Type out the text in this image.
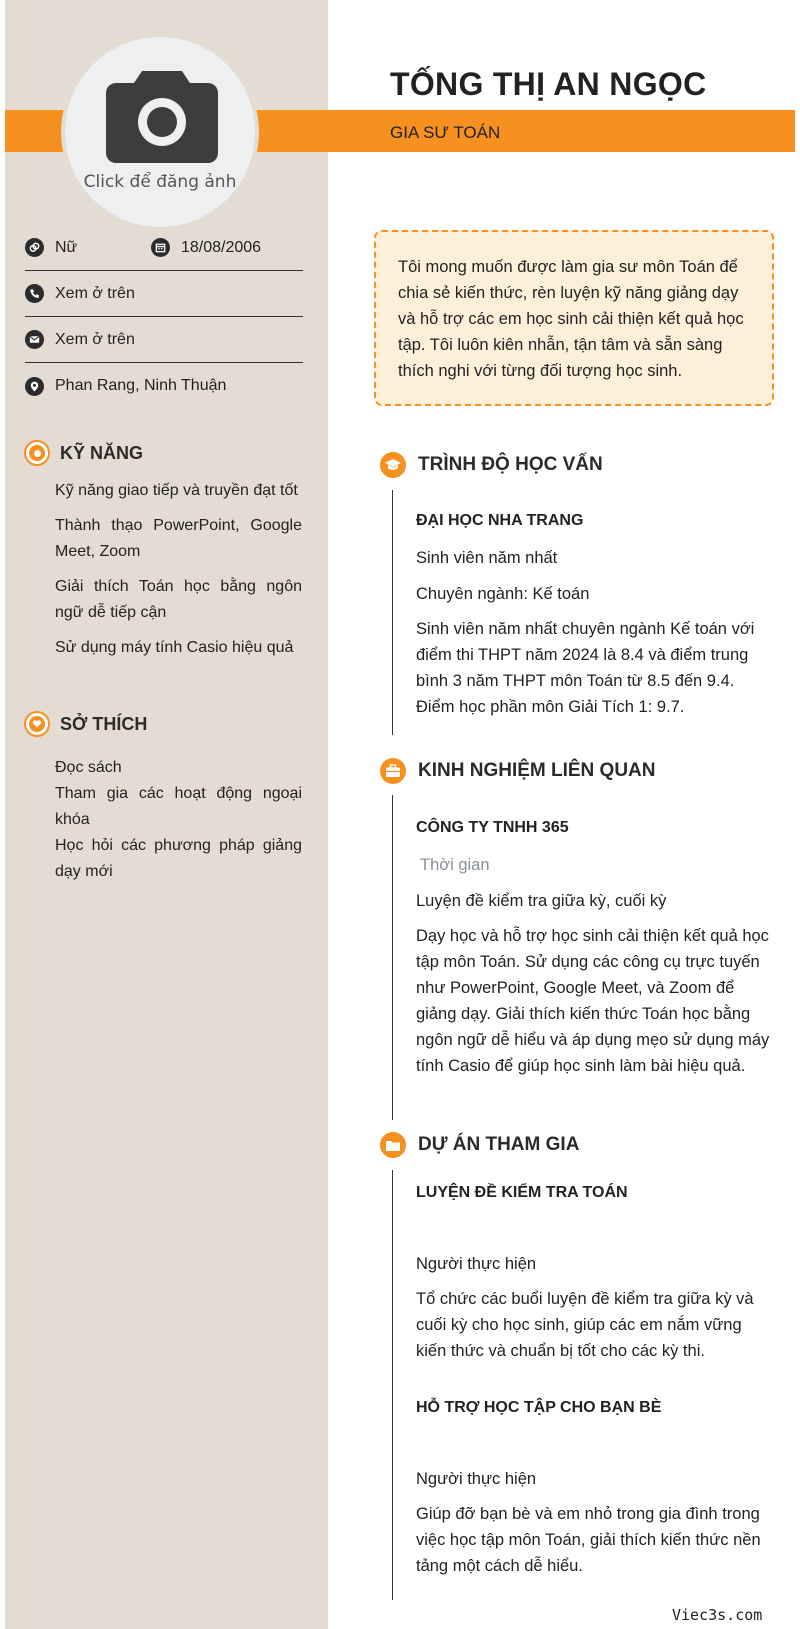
Click để đăng ảnh
TỐNG THỊ AN NGỌC
GIA SƯ TOÁN
Nữ	18/08/2006
Xem ở trên
Xem ở trên
Phan Rang, Ninh Thuận
KỸ NĂNG
Kỹ năng giao tiếp và truyền đạt tốt
Thành thạo PowerPoint, Google Meet, Zoom
Giải thích Toán học bằng ngôn ngữ dễ tiếp cận
Sử dụng máy tính Casio hiệu quả
SỞ THÍCH
Đọc sách
Tham gia các hoạt động ngoại khóa
Học hỏi các phương pháp giảng dạy mới
Tôi mong muốn được làm gia sư môn Toán để chia sẻ kiến thức, rèn luyện kỹ năng giảng dạy và hỗ trợ các em học sinh cải thiện kết quả học tập. Tôi luôn kiên nhẫn, tận tâm và sẵn sàng thích nghi với từng đối tượng học sinh.
TRÌNH ĐỘ HỌC VẤN
ĐẠI HỌC NHA TRANG
Sinh viên năm nhất
Chuyên ngành: Kế toán
Sinh viên năm nhất chuyên ngành Kế toán với điểm thi THPT năm 2024 là 8.4 và điểm trung bình 3 năm THPT môn Toán từ 8.5 đến 9.4. Điểm học phần môn Giải Tích 1: 9.7.
KINH NGHIỆM LIÊN QUAN
CÔNG TY TNHH 365
Thời gian
Luyện đề kiểm tra giữa kỳ, cuối kỳ
Dạy học và hỗ trợ học sinh cải thiện kết quả học tập môn Toán. Sử dụng các công cụ trực tuyến như PowerPoint, Google Meet, và Zoom để giảng dạy. Giải thích kiến thức Toán học bằng ngôn ngữ dễ hiểu và áp dụng mẹo sử dụng máy tính Casio để giúp học sinh làm bài hiệu quả.
DỰ ÁN THAM GIA
LUYỆN ĐỀ KIỂM TRA TOÁN
Người thực hiện
Tổ chức các buổi luyện đề kiểm tra giữa kỳ và cuối kỳ cho học sinh, giúp các em nắm vững kiến thức và chuẩn bị tốt cho các kỳ thi.
HỖ TRỢ HỌC TẬP CHO BẠN BÈ
Người thực hiện
Giúp đỡ bạn bè và em nhỏ trong gia đình trong việc học tập môn Toán, giải thích kiến thức nền tảng một cách dễ hiểu.
Viec3s.com
